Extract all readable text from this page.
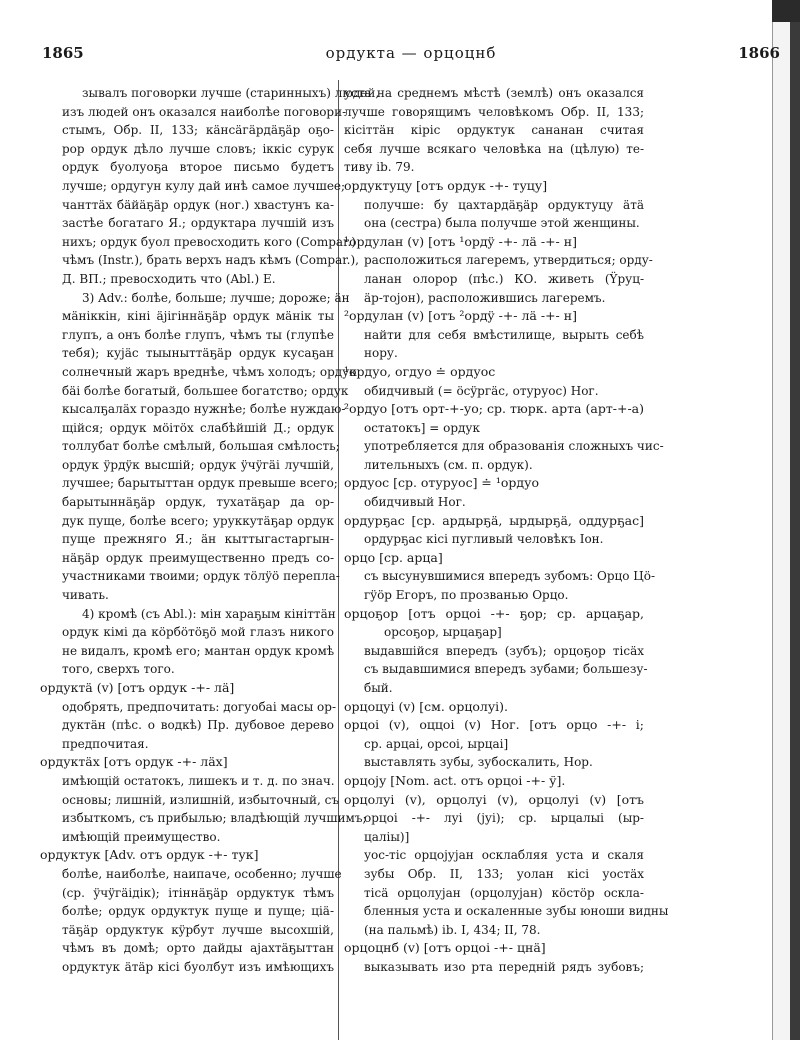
1865	ордукта — орцоцнб	1866
зывалъ поговорки лучше (старинныхъ) людей,
изъ людей онъ оказался наиболѣе поговори-
стымъ, Обр. II, 133; кäнсäгäрдäҕäр оҕо-
рор ордук дѣло лучше словъ; іккіс сурук
ордук буолуоҕа второе письмо будетъ
лучше; ордугун кулу дай инѣ самое лучшее;
чанттäх бäйäҕäр ордук (ног.) хвастунъ ка-
застѣе богатаго Я.; ордуктара лучшій изъ
нихъ; ордук буол превосходить кого (Compar.)
чѣмъ (Instr.), брать верхъ надъ кѣмъ (Compar.),
Д. ВП.; превосходить что (Abl.) Е.
3) Adv.: болѣе, больше; лучше; дороже; äн
мäніккін, кіні äјігіннäҕäр ордук мäнік ты
глупъ, а онъ болѣе глупъ, чѣмъ ты (глупѣе
тебя); кујäс тыыныттäҕäр ордук кусаҕан
солнечный жаръ вреднѣе, чѣмъ холодъ; ордук
бäі болѣе богатый, большее богатство; ордук
кысалҕалäх гораздо нужнѣе; болѣе нуждаю-
щійся; ордук мöітöх слабѣйшій Д.; ордук
толлубат болѣе смѣлый, большая смѣлость;
ордук ÿрдÿк высшій; ордук ÿчÿгäі лучшій,
лучшее; барытыттан ордук превыше всего;
барытыннäҕäр ордук, тухатäҕар да ор-
дук пуще, болѣе всего; уруккутäҕар ордук
пуще прежняго Я.; äн кыттыгастаргын-
нäҕäр ордук преимущественно предъ со-
участниками твоими; ордук тöлÿö перепла-
чивать.
4) кромѣ (съ Abl.): мін хараҕым кініттäн
ордук кімі да кöрбöтöҕö мой глазъ никого
не видалъ, кромѣ его; мантан ордук кромѣ
того, сверхъ того.
ордуктä (v) [отъ ордук -+- лä]
одобрять, предпочитать: догуобаі масы ор-
дуктäн (пѣс. о водкѣ) Пр. дубовое дерево
предпочитая.
ордуктäх [отъ ордук -+- лäх]
имѣющій остатокъ, лишекъ и т. д. по знач.
основы; лишній, излишній, избыточный, съ
избыткомъ, съ прибылью; владѣющій лучшимъ;
имѣющій преимущество.
ордуктук [Adv. отъ ордук -+- тук]
болѣе, наиболѣе, наипаче, особенно; лучше
(ср. ÿчÿгäідік); ітіннäҕäр ордуктук тѣмъ
болѣе; ордук ордуктук пуще и пуще; ціä-
тäҕäр ордуктук кÿрбут лучше высохшій,
чѣмъ въ домѣ; орто дайды аjахтäҕыттан
ордуктук äтäр кісі буолбут изъ имѣющихъ
уста на среднемъ мѣстѣ (землѣ) онъ оказался
лучше говорящимъ человѣкомъ Обр. II, 133;
кісіттäн кіріс ордуктук сананан считая
себя лучше всякаго человѣка на (цѣлую) те-
тиву ib. 79.
ордуктуцу [отъ ордук -+- туцу]
получше: бу цахтардäҕäр ордуктуцу äтä
она (сестра) была получше этой женщины.
¹ордулан (v) [отъ ¹ордÿ -+- лä -+- н]
расположиться лагеремъ, утвердиться; орду-
ланан олорор (пѣс.) КО. живеть (Ÿруц-
äр-тојон), расположившись лагеремъ.
²ордулан (v) [отъ ²ордÿ -+- лä -+- н]
найти для себя вмѣстилище, вырыть себѣ
нору.
¹ордуо, огдуо ≐ ордуос
обидчивый (= öсÿргäс, отуруос) Ног.
²ордуо [отъ орт-+-уо; ср. тюрк. арта (арт-+-а)
остатокъ] = ордук
употребляется для образованія сложныхъ чис-
лительныхъ (см. п. ордук).
ордуос [ср. отуруос] ≐ ¹ордуо
обидчивый Ног.
ордурҕас [ср. ардырҕä, ырдырҕä, оддурҕас]
ордурҕас кісі пугливый человѣкъ Іон.
орцо [ср. арца]
съ высунувшимися впередъ зубомъ: Орцо Цö-
гÿöр Егоръ, по прозванью Орцо.
орцоҕор [отъ орцоі -+- ҕор; ср. арцаҕар,
орсоҕор, ырцаҕар]
выдавшійся впередъ (зубъ); орцоҕор тісäх
съ выдавшимися впередъ зубами; большезу-
бый.
орцоцуі (v) [см. орцолуі).
орцоі (v), оццоі (v) Ног. [отъ орцо -+- і;
ср. арцаі, орсоі, ырцаі]
выставлять зубы, зубоскалить, Нор.
орцоју [Nom. act. отъ орцоі -+- ў].
орцолуі (v), орцолуі (v), орцолуі (v) [отъ
орцоі -+- луі (јуі); ср. ырцалыі (ыр-
цаліы)]
уос-тіс орцојујан осклабляя уста и скаля
зубы Обр. II, 133; уолан кісі уостäх
тісä орцолујан (орцолујан) кöстöр оскла-
бленныя уста и оскаленные зубы юноши видны
(на пальмѣ) ib. I, 434; II, 78.
орцоцнб (v) [отъ орцоі -+- цнä]
выказывать изо рта передній рядъ зубовъ;
